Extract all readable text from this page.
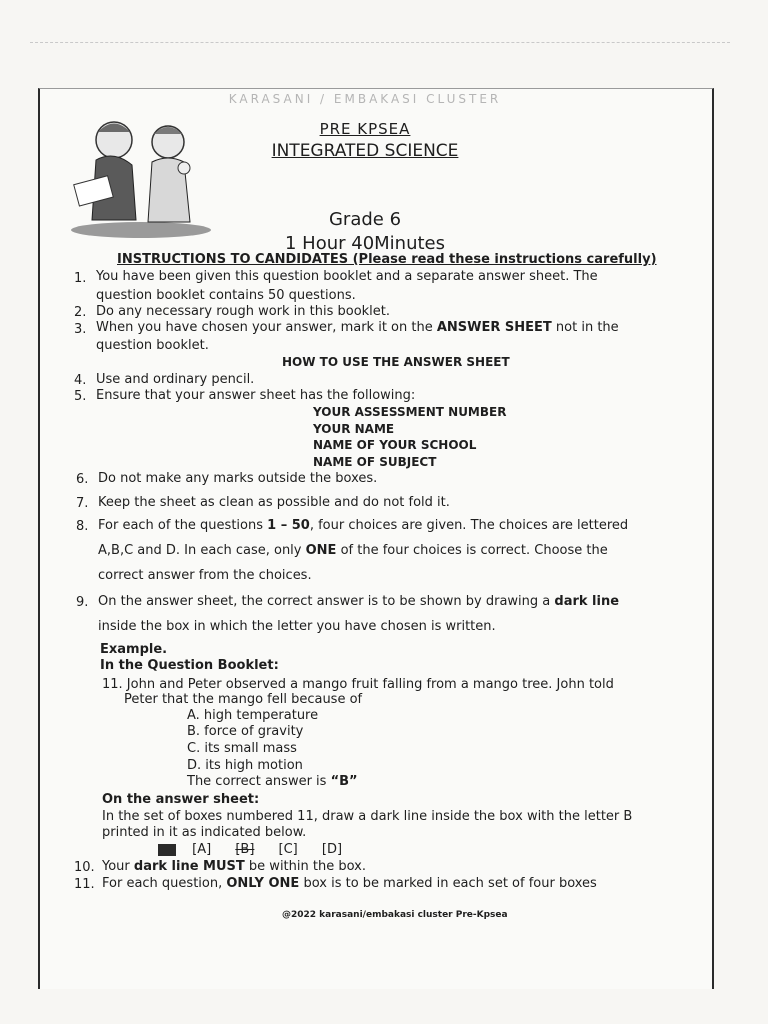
KARASANI / EMBAKASI CLUSTER
PRE KPSEA
INTEGRATED SCIENCE
Grade 6
1 Hour 40Minutes
INSTRUCTIONS TO CANDIDATES (Please read these instructions carefully)
1. You have been given this question booklet and a separate answer sheet. The
question booklet contains 50 questions.
2. Do any necessary rough work in this booklet.
3. When you have chosen your answer, mark it on the ANSWER SHEET not in the
question booklet.
HOW TO USE THE ANSWER SHEET
4. Use and ordinary pencil.
5. Ensure that your answer sheet has the following:
YOUR ASSESSMENT NUMBER
YOUR NAME
NAME OF YOUR SCHOOL
NAME OF SUBJECT
6. Do not make any marks outside the boxes.
7. Keep the sheet as clean as possible and do not fold it.
8. For each of the questions 1 – 50, four choices are given. The choices are lettered
A,B,C and D. In each case, only ONE of the four choices is correct. Choose the
correct answer from the choices.
9. On the answer sheet, the correct answer is to be shown by drawing a dark line
inside the box in which the letter you have chosen is written.
Example.
In the Question Booklet:
11. John and Peter observed a mango fruit falling from a mango tree. John told
Peter that the mango fell because of
A. high temperature
B. force of gravity
C. its small mass
D. its high motion
The correct answer is “B”
On the answer sheet:
In the set of boxes numbered 11, draw a dark line inside the box with the letter B
printed in it as indicated below.
[A] [B] [C] [D]
10. Your dark line MUST be within the box.
11. For each question, ONLY ONE box is to be marked in each set of four boxes
@2022 karasani/embakasi cluster Pre-Kpsea
